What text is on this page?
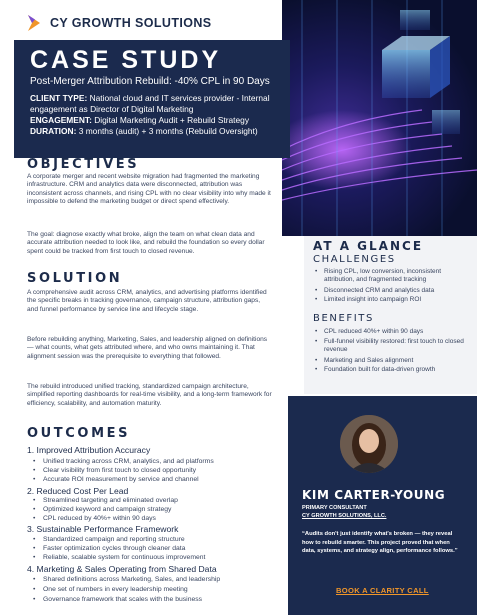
CY GROWTH SOLUTIONS
CASE STUDY
Post-Merger Attribution Rebuild: -40% CPL in 90 Days
CLIENT TYPE: National cloud and IT services provider - Internal engagement as Director of Digital Marketing
ENGAGEMENT: Digital Marketing Audit + Rebuild Strategy
DURATION: 3 months (audit) + 3 months (Rebuild Oversight)
OBJECTIVES
A corporate merger and recent website migration had fragmented the marketing infrastructure. CRM and analytics data were disconnected, attribution was inconsistent across channels, and rising CPL with no clear visibility into why made it impossible to defend the marketing budget or direct spend effectively.
The goal: diagnose exactly what broke, align the team on what clean data and accurate attribution needed to look like, and rebuild the foundation so every dollar spent could be tracked from first touch to closed revenue.
SOLUTION
A comprehensive audit across CRM, analytics, and advertising platforms identified the specific breaks in tracking governance, campaign structure, attribution gaps, and funnel performance by service line and lifecycle stage.
Before rebuilding anything, Marketing, Sales, and leadership aligned on definitions — what counts, what gets attributed where, and who owns maintaining it. That alignment session was the prerequisite to everything that followed.
The rebuild introduced unified tracking, standardized campaign architecture, simplified reporting dashboards for real-time visibility, and a long-term framework for efficiency, scalability, and automation maturity.
OUTCOMES
1. Improved Attribution Accuracy
• Unified tracking across CRM, analytics, and ad platforms
• Clear visibility from first touch to closed opportunity
• Accurate ROI measurement by service and channel
2. Reduced Cost Per Lead
• Streamlined targeting and eliminated overlap
• Optimized keyword and campaign strategy
• CPL reduced by 40%+ within 90 days
3. Sustainable Performance Framework
• Standardized campaign and reporting structure
• Faster optimization cycles through cleaner data
• Reliable, scalable system for continuous improvement
4. Marketing & Sales Operating from Shared Data
• Shared definitions across Marketing, Sales, and leadership
• One set of numbers in every leadership meeting
• Governance framework that scales with the business
AT A GLANCE
CHALLENGES
• Rising CPL, low conversion, inconsistent attribution, and fragmented tracking
• Disconnected CRM and analytics data
• Limited insight into campaign ROI
BENEFITS
• CPL reduced 40%+ within 90 days
• Full-funnel visibility restored: first touch to closed revenue
• Marketing and Sales alignment
• Foundation built for data-driven growth
KIM CARTER-YOUNG
PRIMARY CONSULTANT
CY GROWTH SOLUTIONS, LLC.
“Audits don't just identify what's broken — they reveal how to rebuild smarter. This project proved that when data, systems, and strategy align, performance follows.”
BOOK A CLARITY CALL
